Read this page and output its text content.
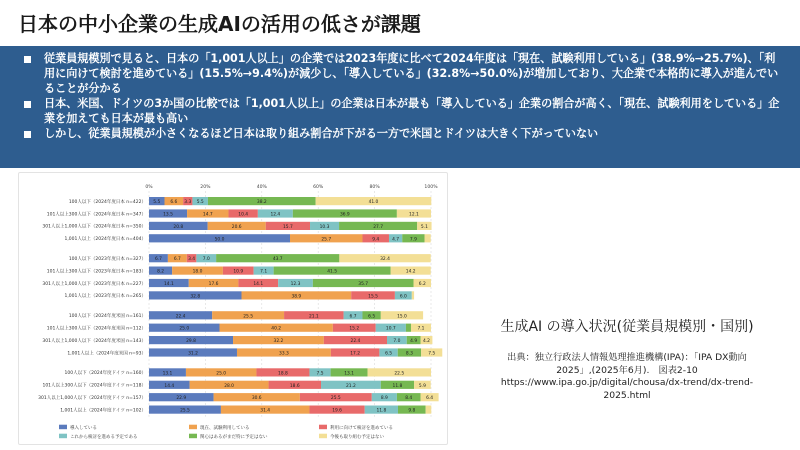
日本の中小企業の生成AIの活用の低さが課題
従業員規模別で見ると、日本の「1,001人以上」の企業では2023年度に比べて2024年度は「現在、試験利用している」(38.9%→25.7%)、「利用に向けて検討を進めている」(15.5%→9.4%)が減少し、「導入している」(32.8%→50.0%)が増加しており、大企業で本格的に導入が進んでいることが分かる
日本、米国、ドイツの3か国の比較では「1,001人以上」の企業は日本が最も「導入している」企業の割合が高く、「現在、試験利用をしている」企業を加えても日本が最も高い
しかし、従業員規模が小さくなるほど日本は取り組み割合が下がる一方で米国とドイツは大きく下がっていない
0%	20%	40%	60%	80%	100%
100人以下（2024年度日本 n=422） 5.5 6.6 3.3 5.5	38.2	41.0
101人以上300人以下（2024年度日本 n=347）	13.5	14.7	10.4	12.4	36.9	12.1
301人以上1,000人以下（2024年度日本 n=350）	20.8	20.6	15.7	10.3	27.7	5.1
1,001人以上（2024年度日本 n=404）	50.0	25.7	9.4	4.7 7.9
100人以下（2023年度日本 n=327） 6.7	6.7 3.4 7.0	43.7	32.4
101人以上300人以下（2023年度日本 n=183）	8.2	18.0	10.9	7.1	41.5	14.2
301人以上1,000人以下（2023年度日本 n=227）	14.1	17.6	14.1	12.3	35.7	6.2
1,001人以上（2023年度日本 n=265）	32.8	38.9	15.5	6.0
100人以下（2024年度米国 n=161）	22.4	25.5	21.1	6.7	6.5	15.0
101人以上300人以下（2024年度米国 n=112）	25.0	40.2	15.2	10.7	7.1
301人以上1,000人以下（2024年度米国 n=143）	29.8	32.2	22.4	7.0 4.9 4.2
1,001人以上（2024年度米国 n=93）	31.2	33.3	17.2	6.5	8.3	7.5
100人以下（2024年度ドイツ n=160）	13.1	25.0	18.8	7.5	13.1	22.5
101人以上300人以下（2024年度ドイツ n=118）	14.4	28.0	18.6	21.2	11.8	5.9
301人以上1,000人以下（2024年度ドイツ n=157）	22.9	30.6	25.5	8.9	8.4	6.4
1,001人以上（2024年度ドイツ n=102）	25.5	31.4	19.6	11.8	9.8
導入している	現在、試験利用している	利用に向けて検討を進めている
これから検討を進める予定である	関心はあるがまだ特に予定はない	今後も取り組む予定はない
生成AI の導入状況(従業員規模別・国別)
出典：独立行政法人情報処理推進機構(IPA)：「IPA DX動向
2025」,(2025年6月).　図表2-10
https://www.ipa.go.jp/digital/chousa/dx-trend/dx-trend-
2025.html
